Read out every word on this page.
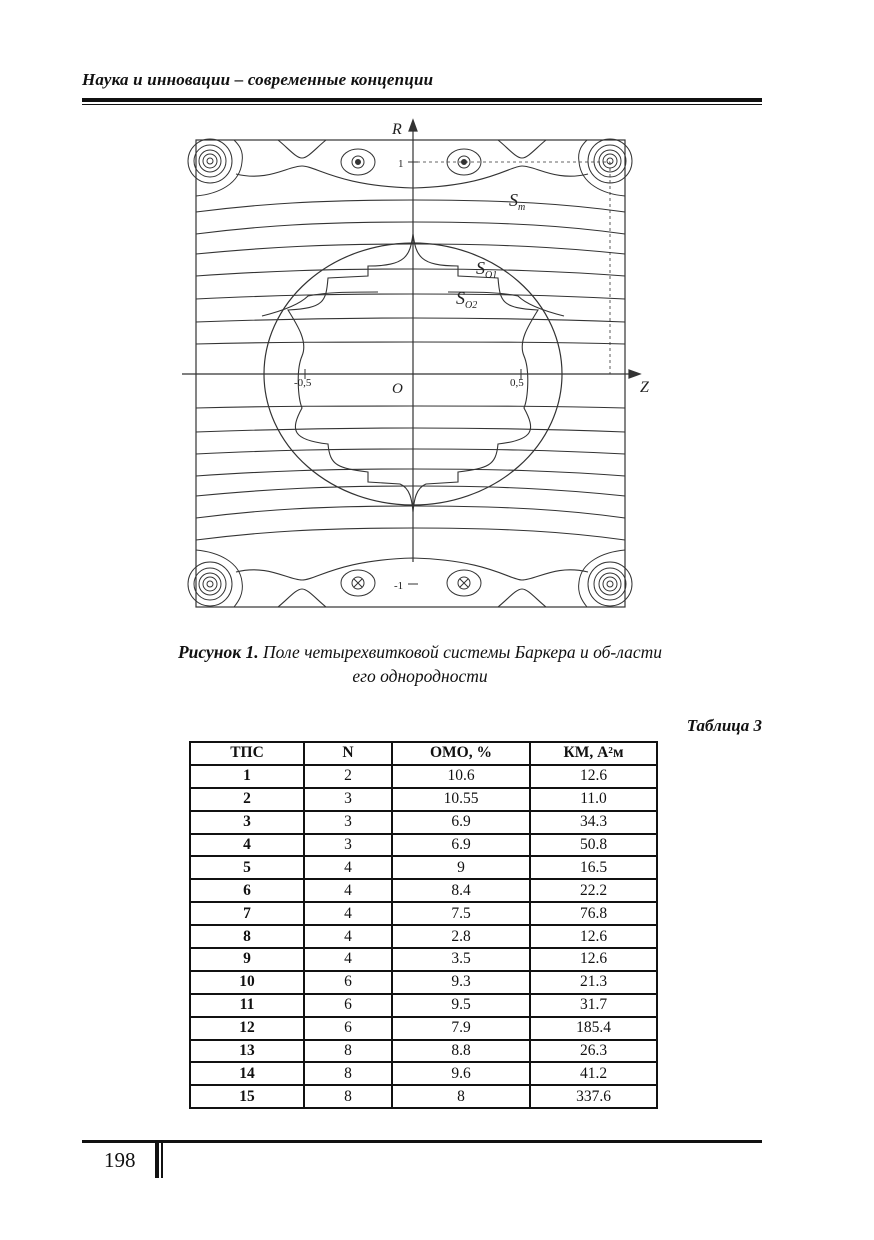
Наука и инновации – современные концепции
R
Z
O
1
-1
-0,5	0,5
$S_m$
$S_{O1}$
$S_{O2}$
Рисунок 1. Поле четырехвитковой системы Баркера и об-ласти
его однородности
Таблица 3
ТПС	N	ОМО, %	КМ, А²м
1	2	10.6	12.6
2	3	10.55	11.0
3	3	6.9	34.3
4	3	6.9	50.8
5	4	9	16.5
6	4	8.4	22.2
7	4	7.5	76.8
8	4	2.8	12.6
9	4	3.5	12.6
10	6	9.3	21.3
11	6	9.5	31.7
12	6	7.9	185.4
13	8	8.8	26.3
14	8	9.6	41.2
15	8	8	337.6
198
